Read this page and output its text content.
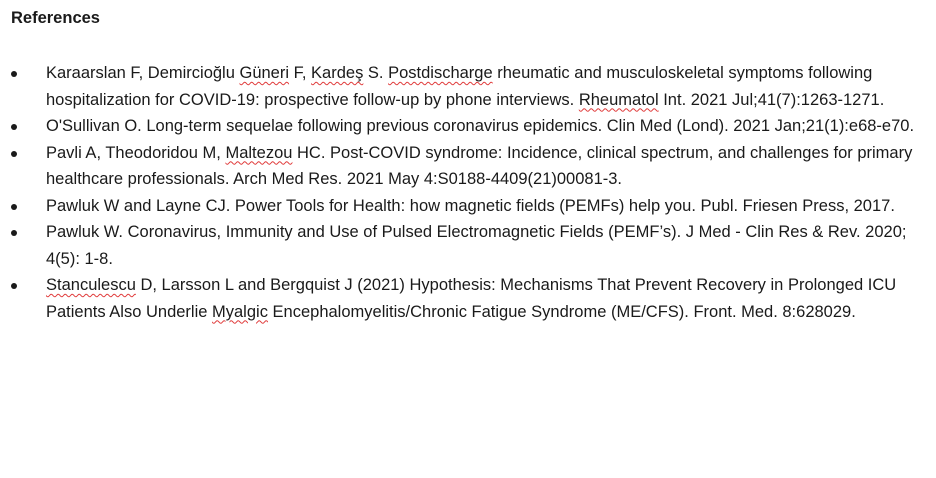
References
Karaarslan F, Demircioğlu Güneri F, Kardeş S. Postdischarge rheumatic and musculoskeletal symptoms following hospitalization for COVID-19: prospective follow-up by phone interviews. Rheumatol Int. 2021 Jul;41(7):1263-1271.
O'Sullivan O. Long-term sequelae following previous coronavirus epidemics. Clin Med (Lond). 2021 Jan;21(1):e68-e70.
Pavli A, Theodoridou M, Maltezou HC. Post-COVID syndrome: Incidence, clinical spectrum, and challenges for primary healthcare professionals. Arch Med Res. 2021 May 4:S0188-4409(21)00081-3.
Pawluk W and Layne CJ. Power Tools for Health: how magnetic fields (PEMFs) help you. Publ. Friesen Press, 2017.
Pawluk W. Coronavirus, Immunity and Use of Pulsed Electromagnetic Fields (PEMF’s). J Med - Clin Res & Rev. 2020; 4(5): 1-8.
Stanculescu D, Larsson L and Bergquist J (2021) Hypothesis: Mechanisms That Prevent Recovery in Prolonged ICU Patients Also Underlie Myalgic Encephalomyelitis/Chronic Fatigue Syndrome (ME/CFS). Front. Med. 8:628029.
